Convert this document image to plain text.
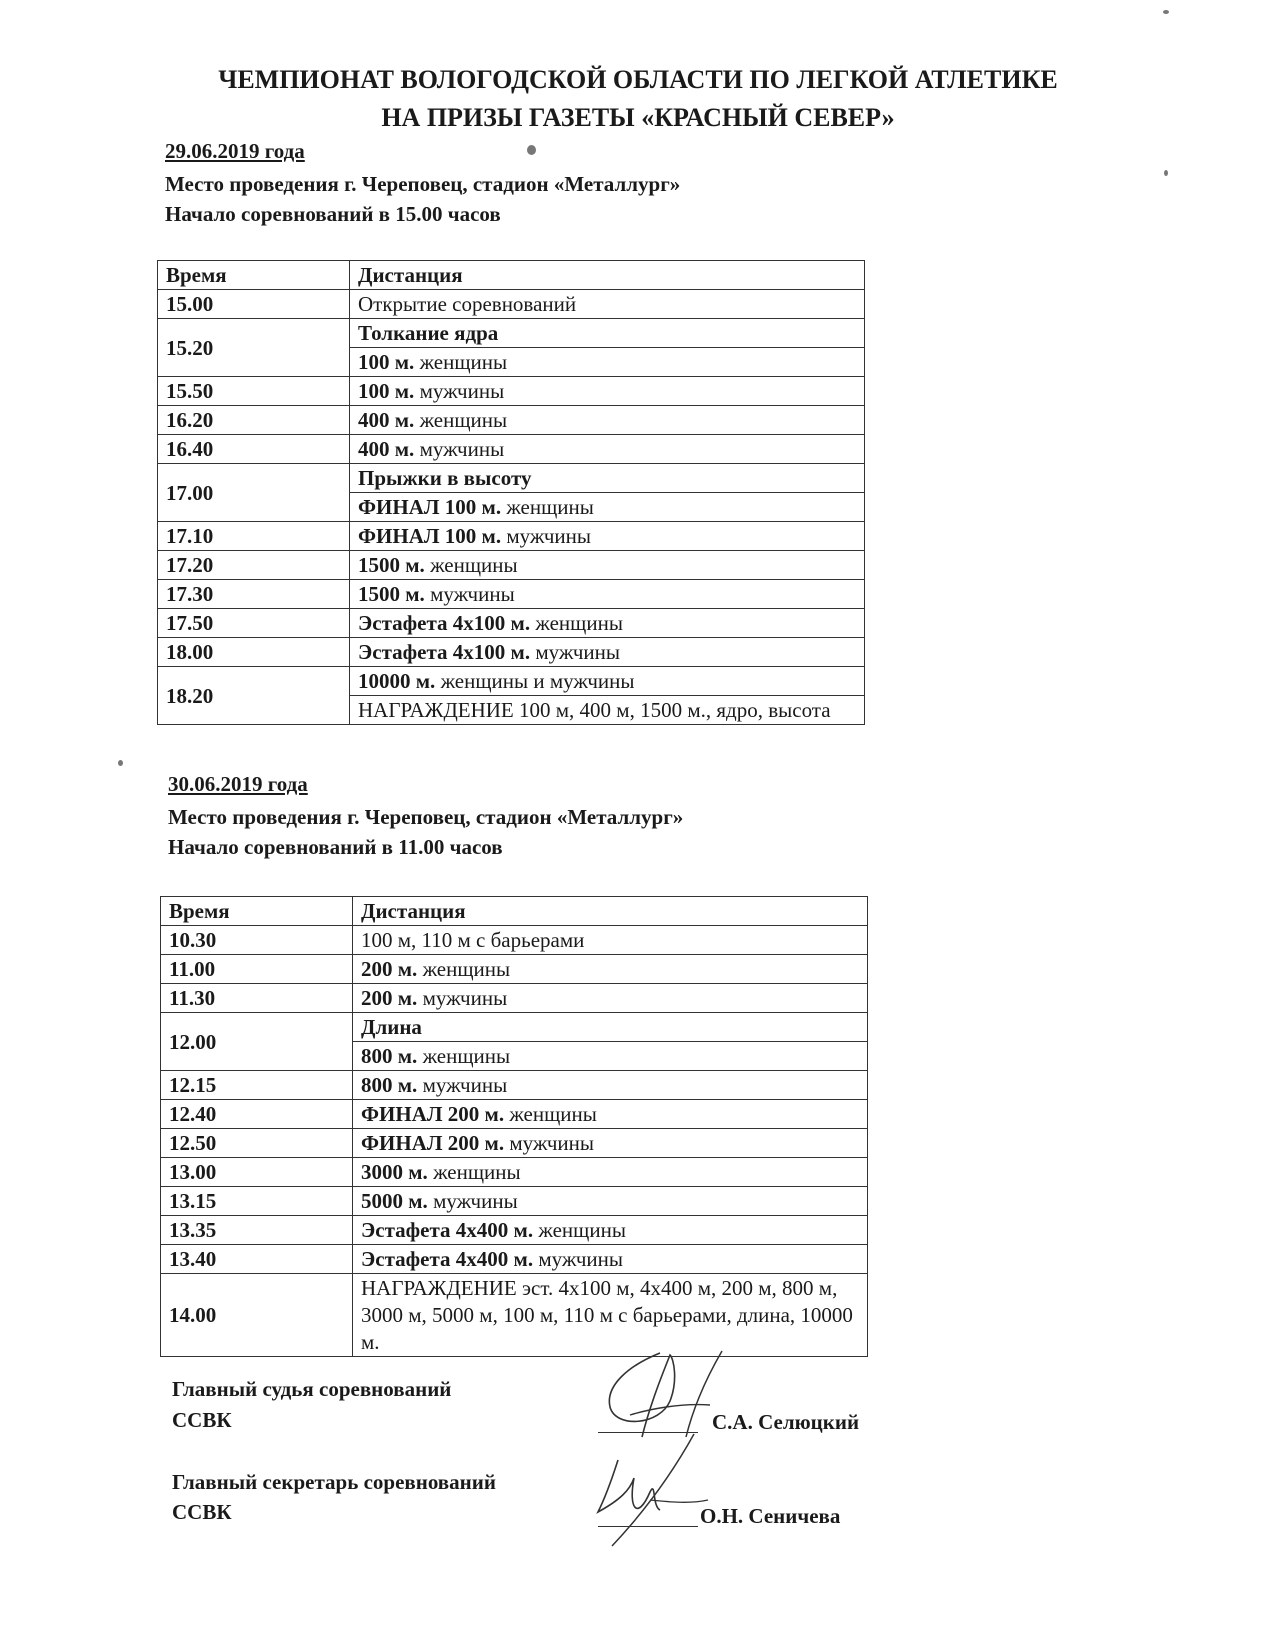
ЧЕМПИОНАТ ВОЛОГОДСКОЙ ОБЛАСТИ ПО ЛЕГКОЙ АТЛЕТИКЕ
НА ПРИЗЫ ГАЗЕТЫ «КРАСНЫЙ СЕВЕР»
29.06.2019 года
Место проведения г. Череповец, стадион «Металлург»
Начало соревнований в 15.00 часов
Время	Дистанция
15.00	Открытие соревнований
15.20	Толкание ядра
	100 м. женщины
15.50	100 м. мужчины
16.20	400 м. женщины
16.40	400 м. мужчины
17.00	Прыжки в высоту
	ФИНАЛ 100 м. женщины
17.10	ФИНАЛ 100 м. мужчины
17.20	1500 м. женщины
17.30	1500 м. мужчины
17.50	Эстафета 4х100 м. женщины
18.00	Эстафета 4х100 м. мужчины
18.20	10000 м. женщины и мужчины
	НАГРАЖДЕНИЕ 100 м, 400 м, 1500 м., ядро, высота
30.06.2019 года
Место проведения г. Череповец, стадион «Металлург»
Начало соревнований в 11.00 часов
Время	Дистанция
10.30	100 м, 110 м с барьерами
11.00	200 м. женщины
11.30	200 м. мужчины
12.00	Длина
	800 м. женщины
12.15	800 м. мужчины
12.40	ФИНАЛ 200 м. женщины
12.50	ФИНАЛ 200 м. мужчины
13.00	3000 м. женщины
13.15	5000 м. мужчины
13.35	Эстафета 4х400 м. женщины
13.40	Эстафета 4х400 м. мужчины
14.00	НАГРАЖДЕНИЕ эст. 4х100 м, 4х400 м, 200 м, 800 м, 3000 м, 5000 м, 100 м, 110 м с барьерами, длина, 10000 м.
Главный судья соревнований
ССВК	С.А. Селюцкий
Главный секретарь соревнований
ССВК	О.Н. Сеничева
